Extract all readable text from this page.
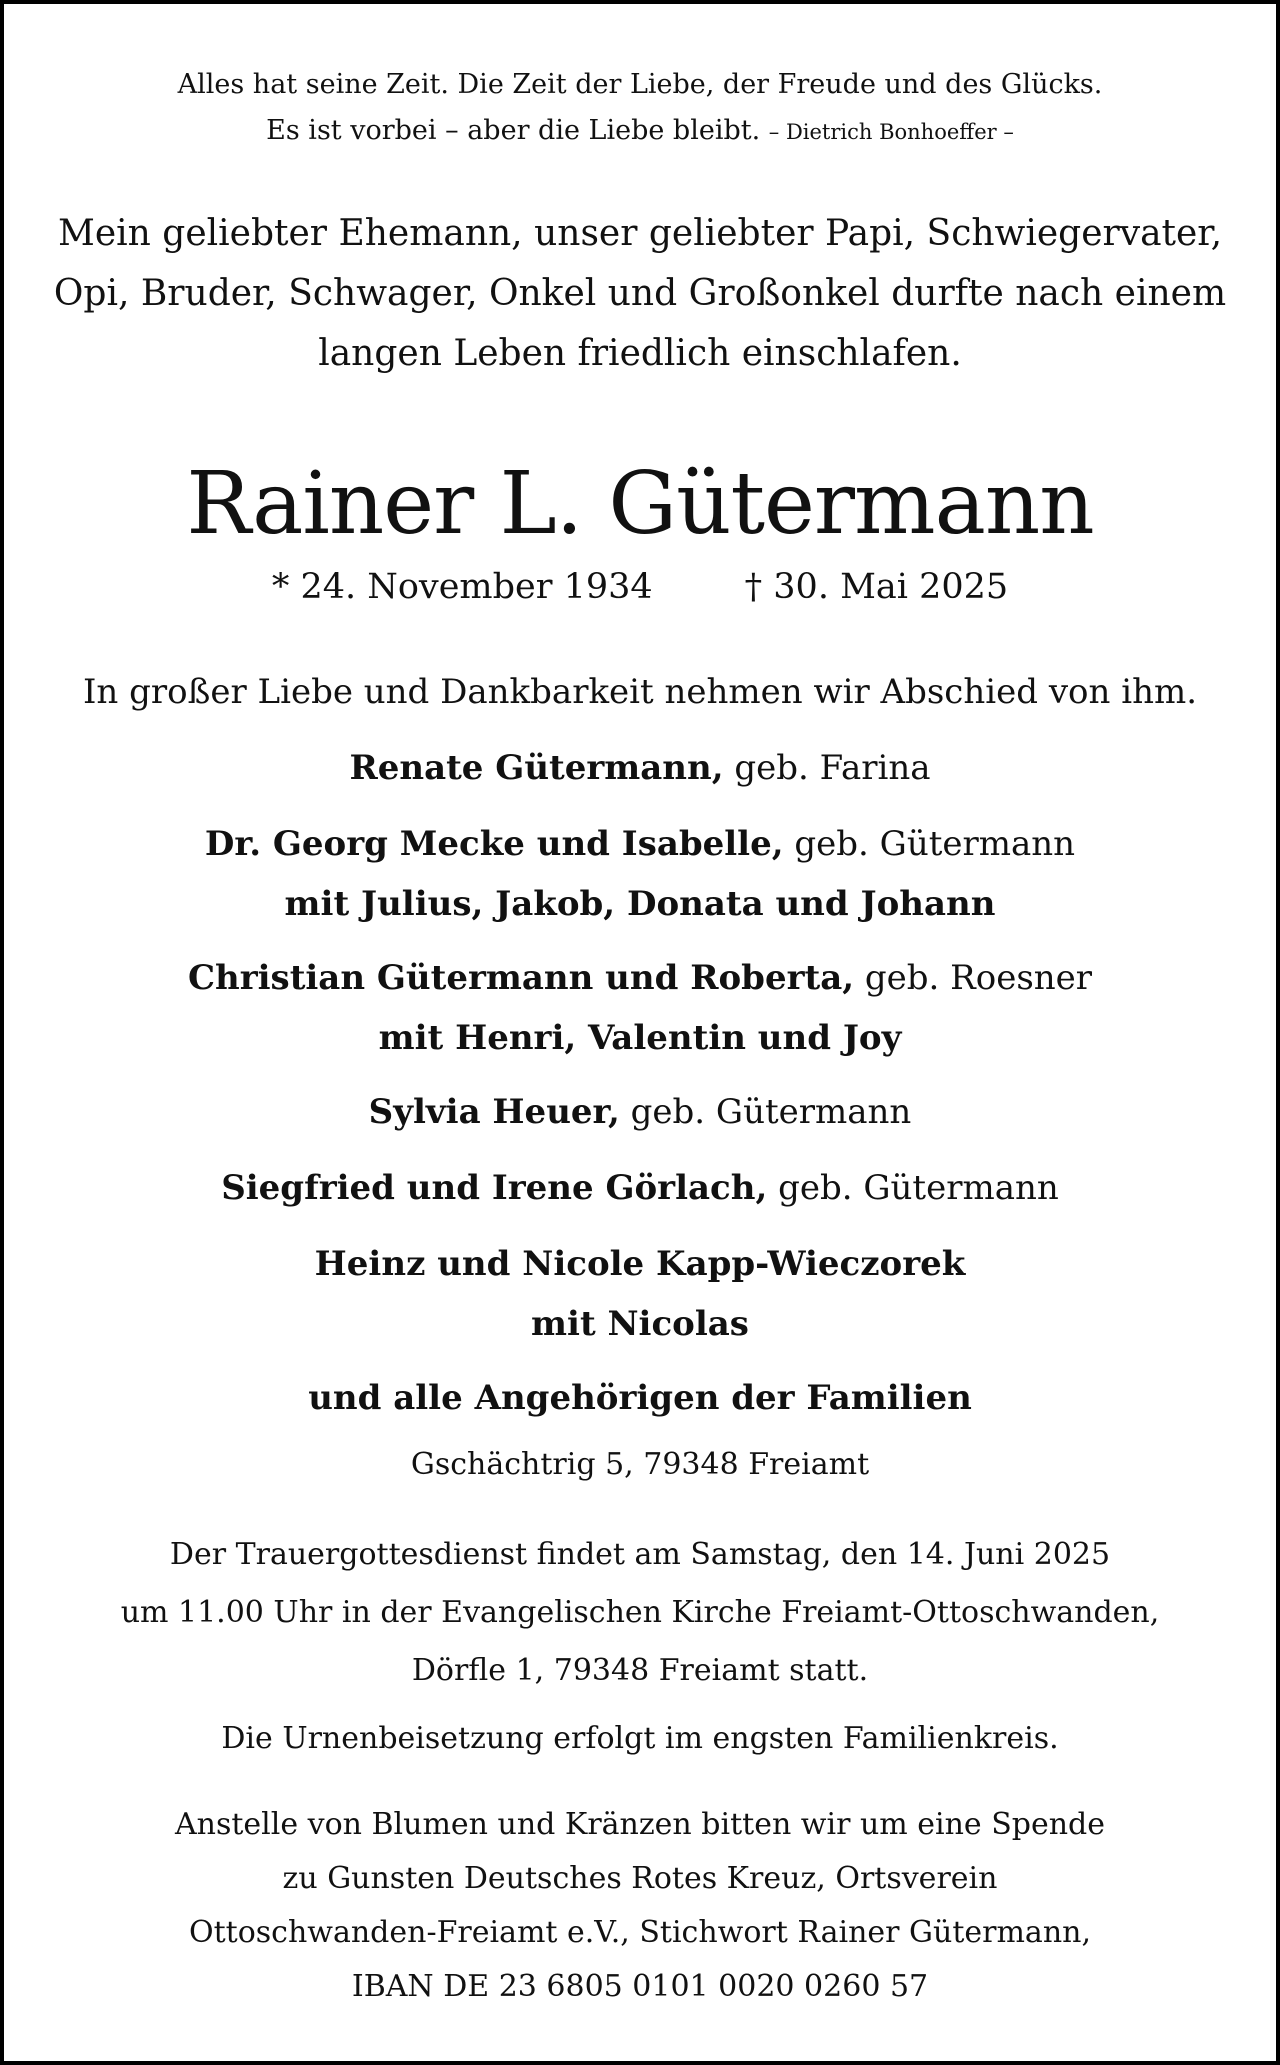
Alles hat seine Zeit. Die Zeit der Liebe, der Freude und des Glücks.

Es ist vorbei – aber die Liebe bleibt. – Dietrich Bonhoeffer –

Mein geliebter Ehemann, unser geliebter Papi, Schwiegervater,

Opi, Bruder, Schwager, Onkel und Großonkel durfte nach einem

langen Leben friedlich einschlafen.

Rainer L. Gütermann

* 24. November 1934	† 30. Mai 2025

In großer Liebe und Dankbarkeit nehmen wir Abschied von ihm.

Renate Gütermann, geb. Farina

Dr. Georg Mecke und Isabelle, geb. Gütermann

mit Julius, Jakob, Donata und Johann

Christian Gütermann und Roberta, geb. Roesner

mit Henri, Valentin und Joy

Sylvia Heuer, geb. Gütermann

Siegfried und Irene Görlach, geb. Gütermann

Heinz und Nicole Kapp-Wieczorek

mit Nicolas

und alle Angehörigen der Familien

Gschächtrig 5, 79348 Freiamt

Der Trauergottesdienst findet am Samstag, den 14. Juni 2025

um 11.00 Uhr in der Evangelischen Kirche Freiamt-Ottoschwanden,

Dörfle 1, 79348 Freiamt statt.

Die Urnenbeisetzung erfolgt im engsten Familienkreis.

Anstelle von Blumen und Kränzen bitten wir um eine Spende

zu Gunsten Deutsches Rotes Kreuz, Ortsverein

Ottoschwanden-Freiamt e.V., Stichwort Rainer Gütermann,

IBAN DE 23 6805 0101 0020 0260 57
